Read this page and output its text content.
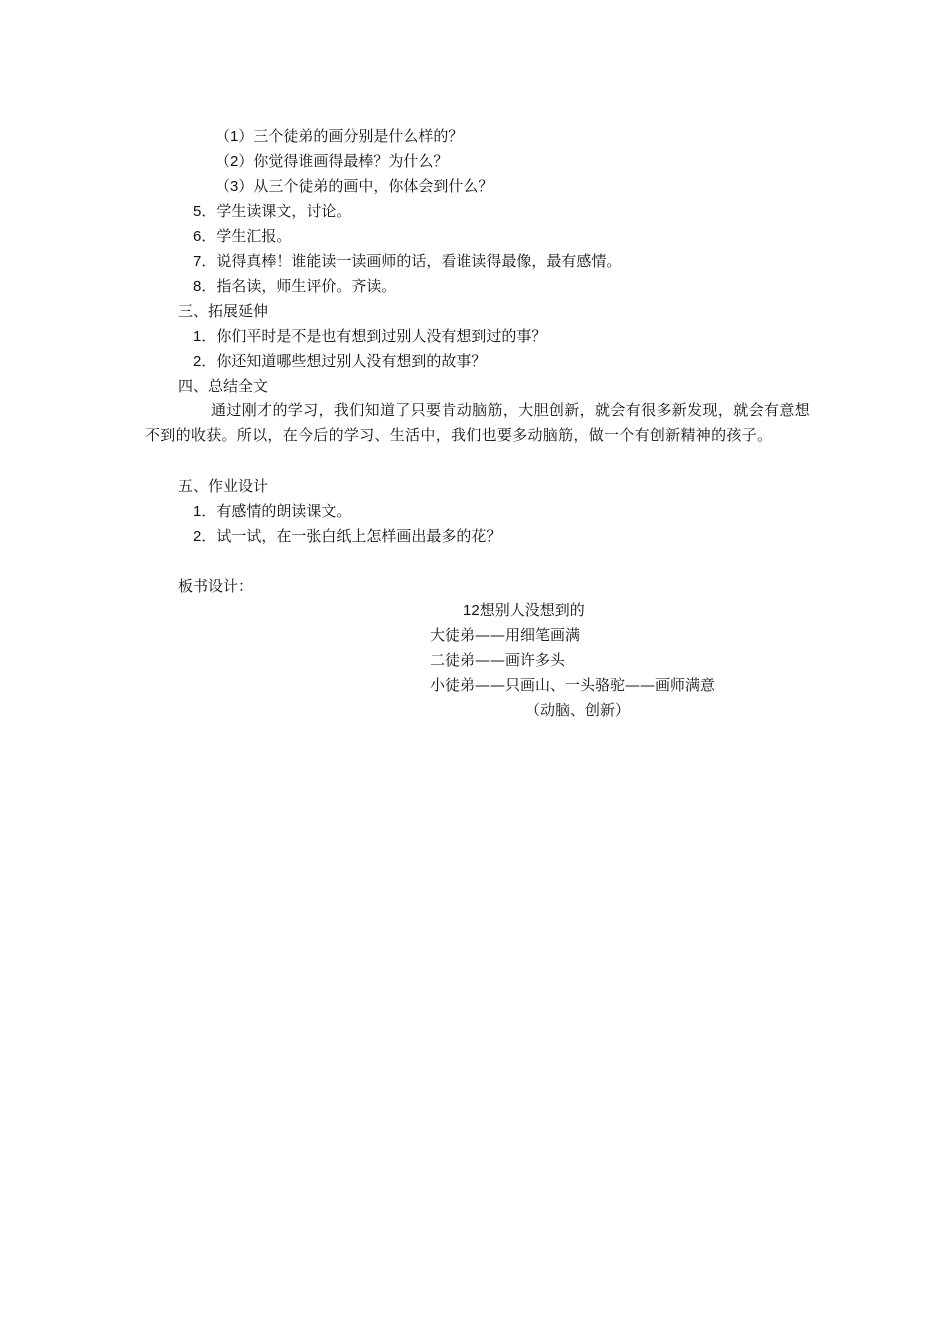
（1）三个徒弟的画分别是什么样的？
（2）你觉得谁画得最棒？为什么？
（3）从三个徒弟的画中，你体会到什么？
5．学生读课文，讨论。
6．学生汇报。
7．说得真棒！谁能读一读画师的话，看谁读得最像，最有感情。
8．指名读，师生评价。齐读。
三、拓展延伸
1．你们平时是不是也有想到过别人没有想到过的事？
2．你还知道哪些想过别人没有想到的故事？
四、总结全文
通过刚才的学习，我们知道了只要肯动脑筋，大胆创新，就会有很多新发现，就会有意想不到的收获。所以，在今后的学习、生活中，我们也要多动脑筋，做一个有创新精神的孩子。
五、作业设计
1．有感情的朗读课文。
2．试一试，在一张白纸上怎样画出最多的花？
板书设计：
12想别人没想到的
大徒弟——用细笔画满
二徒弟——画许多头
小徒弟——只画山、一头骆驼——画师满意
（动脑、创新）
